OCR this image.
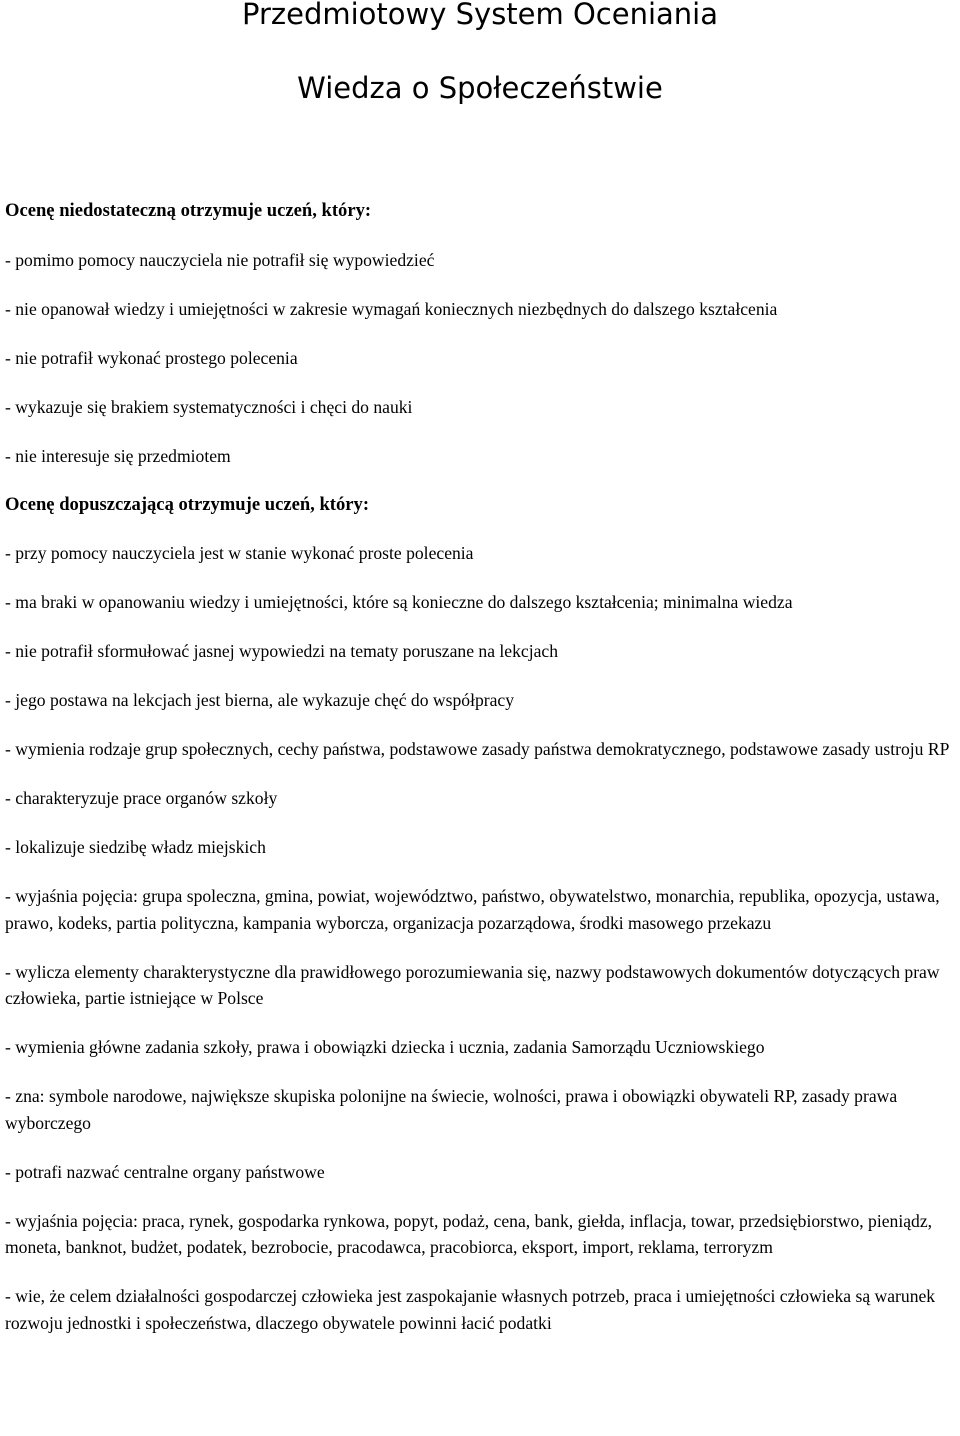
Przedmiotowy System Oceniania
Wiedza o Społeczeństwie
Ocenę niedostateczną otrzymuje uczeń, który:
- pomimo pomocy nauczyciela nie potrafił się wypowiedzieć
- nie opanował wiedzy i umiejętności w zakresie wymagań koniecznych niezbędnych do dalszego kształcenia
- nie potrafił wykonać prostego polecenia
- wykazuje się brakiem systematyczności i chęci do nauki
- nie interesuje się przedmiotem
Ocenę dopuszczającą otrzymuje uczeń, który:
- przy pomocy nauczyciela jest w stanie wykonać proste polecenia
- ma braki w opanowaniu wiedzy i umiejętności, które są konieczne do dalszego kształcenia; minimalna wiedza
- nie potrafił sformułować jasnej wypowiedzi na tematy poruszane na lekcjach
- jego postawa na lekcjach jest bierna, ale wykazuje chęć do współpracy
- wymienia rodzaje grup społecznych, cechy państwa, podstawowe zasady państwa demokratycznego, podstawowe zasady ustroju RP
- charakteryzuje prace organów szkoły
- lokalizuje siedzibę władz miejskich
- wyjaśnia pojęcia: grupa spoleczna, gmina, powiat, województwo, państwo, obywatelstwo, monarchia, republika, opozycja, ustawa, prawo, kodeks, partia polityczna, kampania wyborcza, organizacja pozarządowa, środki masowego przekazu
- wylicza elementy charakterystyczne dla prawidłowego porozumiewania się, nazwy podstawowych dokumentów dotyczących praw człowieka, partie istniejące w Polsce
- wymienia główne zadania szkoły, prawa i obowiązki dziecka i ucznia, zadania Samorządu Uczniowskiego
- zna: symbole narodowe, największe skupiska polonijne na świecie, wolności, prawa i obowiązki obywateli RP, zasady prawa wyborczego
- potrafi nazwać centralne organy państwowe
- wyjaśnia pojęcia: praca, rynek, gospodarka rynkowa, popyt, podaż, cena, bank, giełda, inflacja, towar, przedsiębiorstwo, pieniądz, moneta, banknot, budżet, podatek, bezrobocie, pracodawca, pracobiorca, eksport, import, reklama, terroryzm
- wie, że celem działalności gospodarczej człowieka jest zaspokajanie własnych potrzeb, praca i umiejętności człowieka są warunek rozwoju jednostki i społeczeństwa, dlaczego obywatele powinni łacić podatki
